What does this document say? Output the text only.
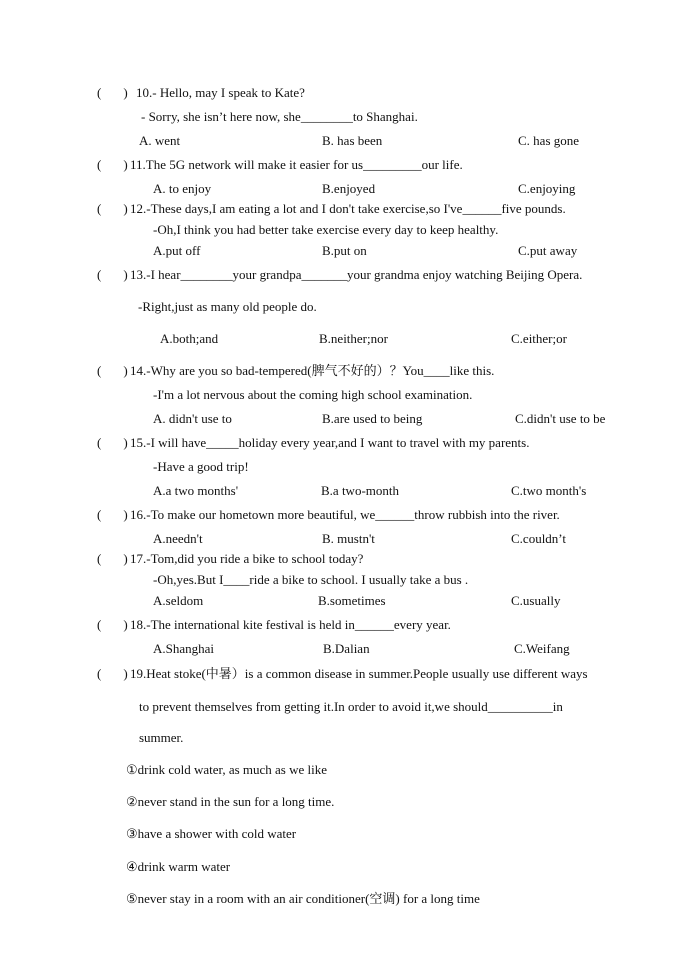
( ) 10.- Hello, may I speak to Kate?
- Sorry, she isn’t here now, she________to Shanghai.
A. went	B. has been	C. has gone
( ) 11.The 5G network will make it easier for us_________our life.
A. to enjoy	B.enjoyed	C.enjoying
( ) 12.-These days,I am eating a lot and I don't take exercise,so I've______five pounds.
-Oh,I think you had better take exercise every day to keep healthy.
A.put off	B.put on	C.put away
( ) 13.-I hear________your grandpa_______your grandma enjoy watching Beijing Opera.
-Right,just as many old people do.
A.both;and	B.neither;nor	C.either;or
( ) 14.-Why are you so bad-tempered(脾气不好的）？You____like this.
-I'm a lot nervous about the coming high school examination.
A. didn't use to	B.are used to being	C.didn't use to be
( ) 15.-I will have_____holiday every year,and I want to travel with my parents.
-Have a good trip!
A.a two months'	B.a two-month	C.two month's
( ) 16.-To make our hometown more beautiful, we______throw rubbish into the river.
A.needn't	B. mustn't	C.couldn’t
( ) 17.-Tom,did you ride a bike to school today?
-Oh,yes.But I____ride a bike to school. I usually take a bus .
A.seldom	B.sometimes	C.usually
( ) 18.-The international kite festival is held in______every year.
A.Shanghai	B.Dalian	C.Weifang
( ) 19.Heat stoke(中暑）is a common disease in summer.People usually use different ways
to prevent themselves from getting it.In order to avoid it,we should__________in
summer.
①drink cold water, as much as we like
②never stand in the sun for a long time.
③have a shower with cold water
④drink warm water
⑤never stay in a room with an air conditioner(空调) for a long time
